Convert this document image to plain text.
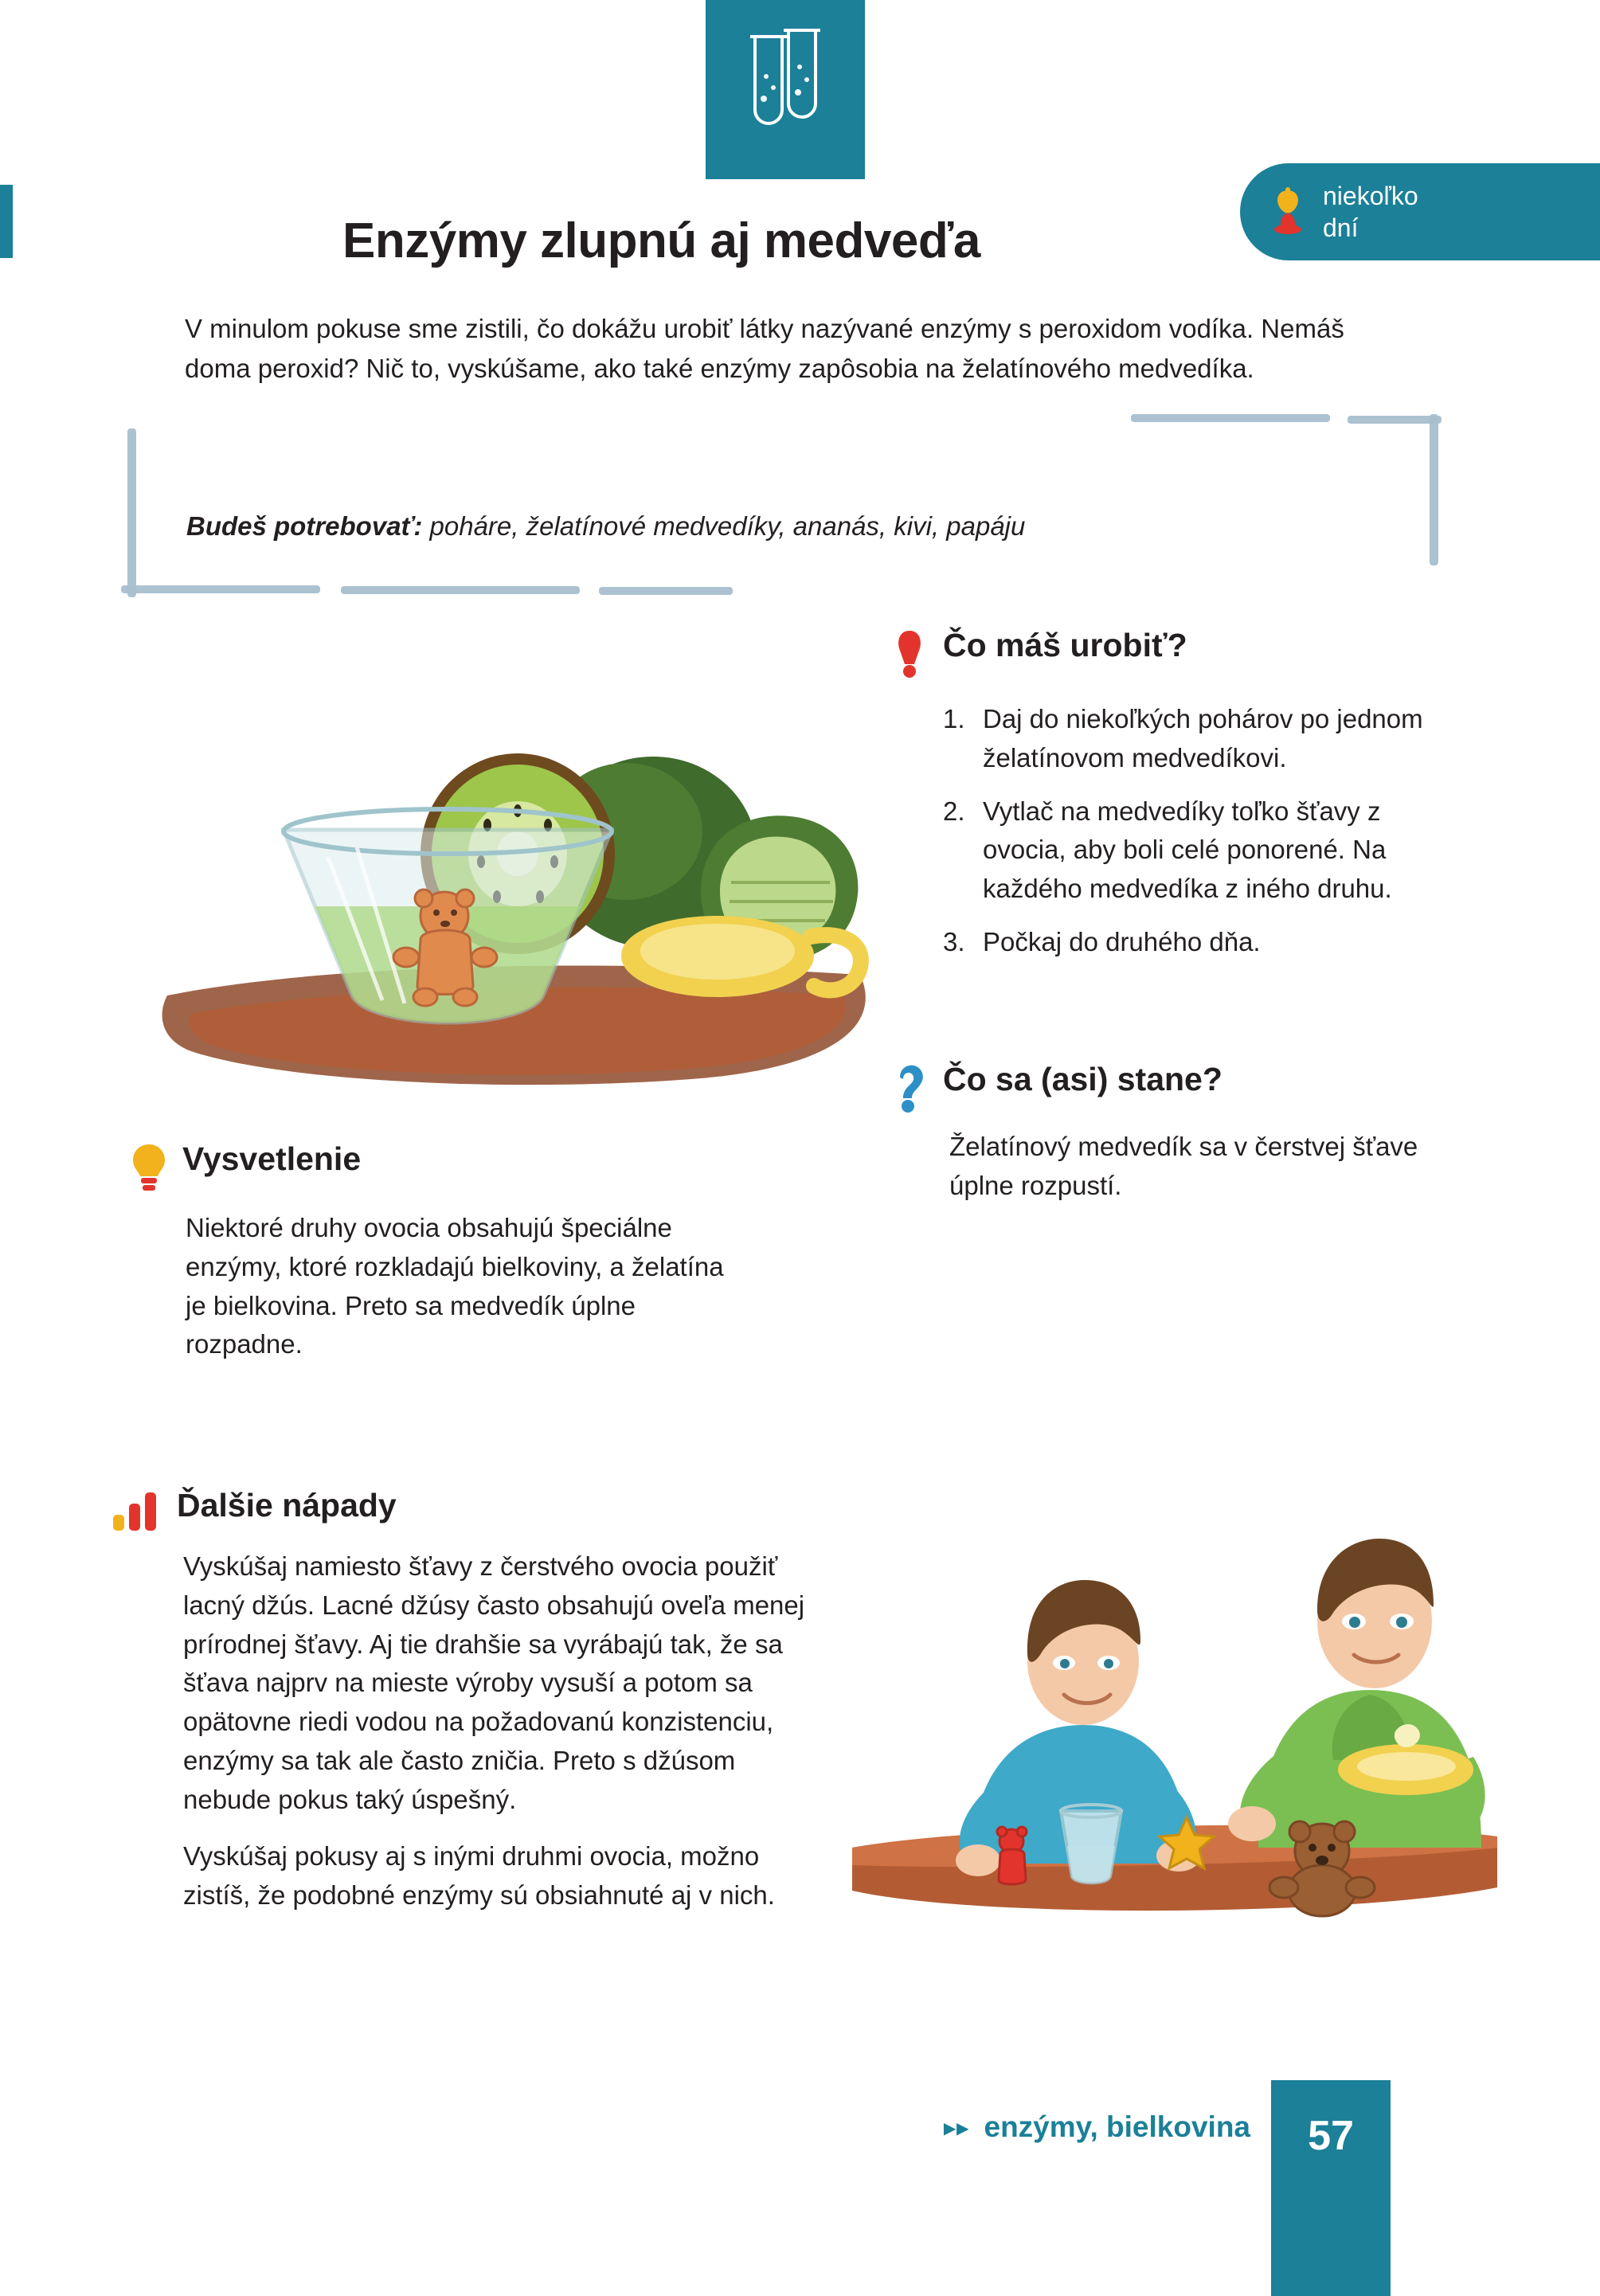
Enzýmy zlupnú aj medveďa
niekoľko
dní

V minulom pokuse sme zistili, čo dokážu urobiť látky nazývané enzýmy s peroxidom vodíka. Nemáš doma peroxid? Nič to, vyskúšame, ako také enzýmy zapôsobia na želatínového medvedíka.

Budeš potrebovať: poháre, želatínové medvedíky, ananás, kivi, papáju
Čo máš urobiť?
1. Daj do niekoľkých pohárov po jednom želatínovom medvedíkovi.
2. Vytlač na medvedíky toľko šťavy z ovocia, aby boli celé ponorené. Na každého medvedíka z iného druhu.
3. Počkaj do druhého dňa.
Čo sa (asi) stane?
Želatínový medvedík sa v čerstvej šťave úplne rozpustí.
Vysvetlenie
Niektoré druhy ovocia obsahujú špeciálne enzýmy, ktoré rozkladajú bielkoviny, a želatína je bielkovina. Preto sa medvedík úplne rozpadne.
Ďalšie nápady

Vyskúšaj namiesto šťavy z čerstvého ovocia použiť lacný džús. Lacné džúsy často obsahujú oveľa menej prírodnej šťavy. Aj tie drahšie sa vyrábajú tak, že sa šťava najprv na mieste výroby vysuší a potom sa opätovne riedi vodou na požadovanú konzistenciu, enzýmy sa tak ale často zničia. Preto s džúsom nebude pokus taký úspešný.

Vyskúšaj pokusy aj s inými druhmi ovocia, možno zistíš, že podobné enzýmy sú obsiahnuté aj v nich.

▸▸ enzýmy, bielkovina	57
